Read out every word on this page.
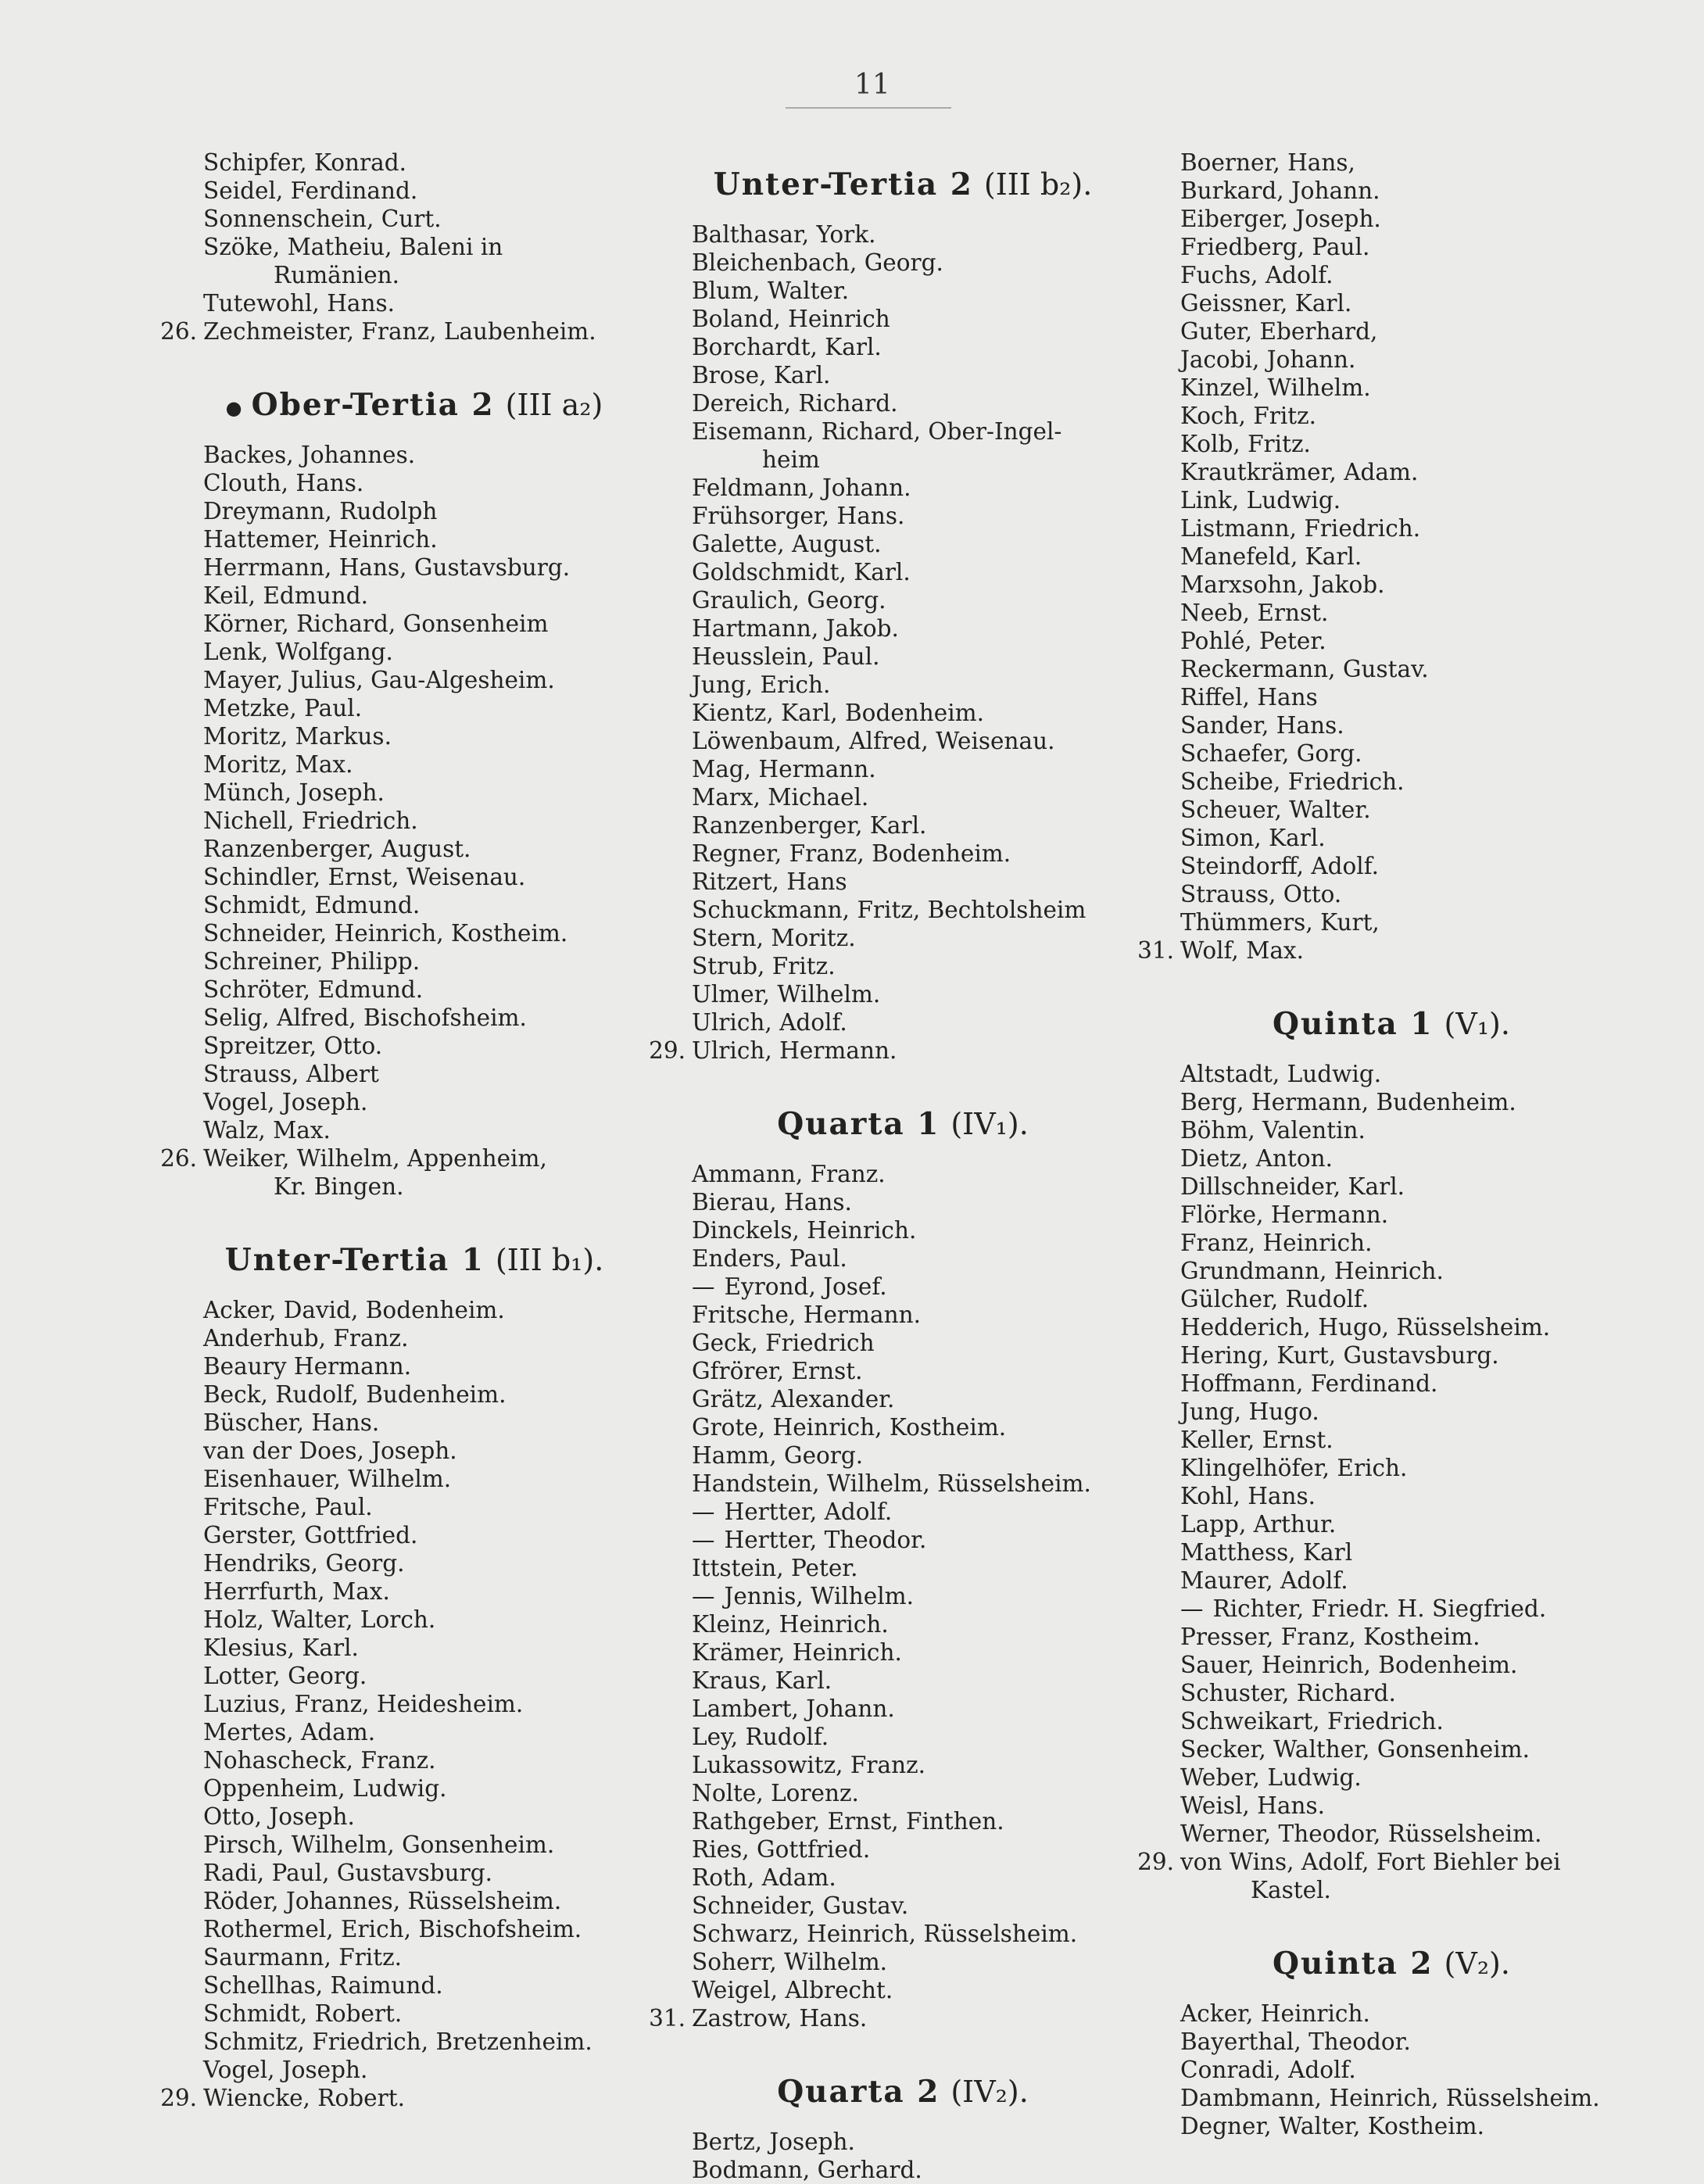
11
Schipfer, Konrad.
Seidel, Ferdinand.
Sonnenschein, Curt.
Szöke, Matheiu, Baleni in
Rumänien.
Tutewohl, Hans.
26. Zechmeister, Franz, Laubenheim.
● Ober-Tertia 2 (III a₂)
Backes, Johannes.
Clouth, Hans.
Dreymann, Rudolph
Hattemer, Heinrich.
Herrmann, Hans, Gustavsburg.
Keil, Edmund.
Körner, Richard, Gonsenheim
Lenk, Wolfgang.
Mayer, Julius, Gau-Algesheim.
Metzke, Paul.
Moritz, Markus.
Moritz, Max.
Münch, Joseph.
Nichell, Friedrich.
Ranzenberger, August.
Schindler, Ernst, Weisenau.
Schmidt, Edmund.
Schneider, Heinrich, Kostheim.
Schreiner, Philipp.
Schröter, Edmund.
Selig, Alfred, Bischofsheim.
Spreitzer, Otto.
Strauss, Albert
Vogel, Joseph.
Walz, Max.
26. Weiker, Wilhelm, Appenheim,
Kr. Bingen.
Unter-Tertia 1 (III b₁).
Acker, David, Bodenheim.
Anderhub, Franz.
Beaury Hermann.
Beck, Rudolf, Budenheim.
Büscher, Hans.
van der Does, Joseph.
Eisenhauer, Wilhelm.
Fritsche, Paul.
Gerster, Gottfried.
Hendriks, Georg.
Herrfurth, Max.
Holz, Walter, Lorch.
Klesius, Karl.
Lotter, Georg.
Luzius, Franz, Heidesheim.
Mertes, Adam.
Nohascheck, Franz.
Oppenheim, Ludwig.
Otto, Joseph.
Pirsch, Wilhelm, Gonsenheim.
Radi, Paul, Gustavsburg.
Röder, Johannes, Rüsselsheim.
Rothermel, Erich, Bischofsheim.
Saurmann, Fritz.
Schellhas, Raimund.
Schmidt, Robert.
Schmitz, Friedrich, Bretzenheim.
Vogel, Joseph.
29. Wiencke, Robert.
Unter-Tertia 2 (III b₂).
Balthasar, York.
Bleichenbach, Georg.
Blum, Walter.
Boland, Heinrich
Borchardt, Karl.
Brose, Karl.
Dereich, Richard.
Eisemann, Richard, Ober-Ingel-
heim
Feldmann, Johann.
Frühsorger, Hans.
Galette, August.
Goldschmidt, Karl.
Graulich, Georg.
Hartmann, Jakob.
Heusslein, Paul.
Jung, Erich.
Kientz, Karl, Bodenheim.
Löwenbaum, Alfred, Weisenau.
Mag, Hermann.
Marx, Michael.
Ranzenberger, Karl.
Regner, Franz, Bodenheim.
Ritzert, Hans
Schuckmann, Fritz, Bechtolsheim
Stern, Moritz.
Strub, Fritz.
Ulmer, Wilhelm.
Ulrich, Adolf.
29. Ulrich, Hermann.
Quarta 1 (IV₁).
Ammann, Franz.
Bierau, Hans.
Dinckels, Heinrich.
Enders, Paul.
— Eyrond, Josef.
Fritsche, Hermann.
Geck, Friedrich
Gfrörer, Ernst.
Grätz, Alexander.
Grote, Heinrich, Kostheim.
Hamm, Georg.
Handstein, Wilhelm, Rüsselsheim.
— Hertter, Adolf.
— Hertter, Theodor.
Ittstein, Peter.
— Jennis, Wilhelm.
Kleinz, Heinrich.
Krämer, Heinrich.
Kraus, Karl.
Lambert, Johann.
Ley, Rudolf.
Lukassowitz, Franz.
Nolte, Lorenz.
Rathgeber, Ernst, Finthen.
Ries, Gottfried.
Roth, Adam.
Schneider, Gustav.
Schwarz, Heinrich, Rüsselsheim.
Soherr, Wilhelm.
Weigel, Albrecht.
31. Zastrow, Hans.
Quarta 2 (IV₂).
Bertz, Joseph.
Bodmann, Gerhard.
Boerner, Hans,
Burkard, Johann.
Eiberger, Joseph.
Friedberg, Paul.
Fuchs, Adolf.
Geissner, Karl.
Guter, Eberhard,
Jacobi, Johann.
Kinzel, Wilhelm.
Koch, Fritz.
Kolb, Fritz.
Krautkrämer, Adam.
Link, Ludwig.
Listmann, Friedrich.
Manefeld, Karl.
Marxsohn, Jakob.
Neeb, Ernst.
Pohlé, Peter.
Reckermann, Gustav.
Riffel, Hans
Sander, Hans.
Schaefer, Gorg.
Scheibe, Friedrich.
Scheuer, Walter.
Simon, Karl.
Steindorff, Adolf.
Strauss, Otto.
Thümmers, Kurt,
31. Wolf, Max.
Quinta 1 (V₁).
Altstadt, Ludwig.
Berg, Hermann, Budenheim.
Böhm, Valentin.
Dietz, Anton.
Dillschneider, Karl.
Flörke, Hermann.
Franz, Heinrich.
Grundmann, Heinrich.
Gülcher, Rudolf.
Hedderich, Hugo, Rüsselsheim.
Hering, Kurt, Gustavsburg.
Hoffmann, Ferdinand.
Jung, Hugo.
Keller, Ernst.
Klingelhöfer, Erich.
Kohl, Hans.
Lapp, Arthur.
Matthess, Karl
Maurer, Adolf.
— Richter, Friedr. H. Siegfried.
Presser, Franz, Kostheim.
Sauer, Heinrich, Bodenheim.
Schuster, Richard.
Schweikart, Friedrich.
Secker, Walther, Gonsenheim.
Weber, Ludwig.
Weisl, Hans.
Werner, Theodor, Rüsselsheim.
29. von Wins, Adolf, Fort Biehler bei
Kastel.
Quinta 2 (V₂).
Acker, Heinrich.
Bayerthal, Theodor.
Conradi, Adolf.
Dambmann, Heinrich, Rüsselsheim.
Degner, Walter, Kostheim.
